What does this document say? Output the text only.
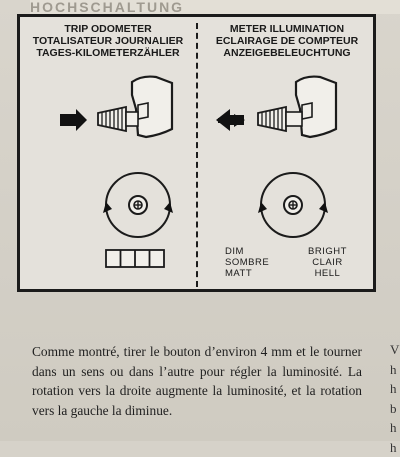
HOCHSCHALTUNG
TRIP ODOMETER
TOTALISATEUR JOURNALIER
TAGES-KILOMETERZÄHLER
METER ILLUMINATION
ECLAIRAGE DE COMPTEUR
ANZEIGEBELEUCHTUNG
DIM
SOMBRE
MATT
BRIGHT
CLAIR
HELL

Comme montré, tirer le bouton d’environ 4 mm et le tourner dans un sens ou dans l’autre pour régler la luminosité. La rotation vers la droite augmente la luminosité, et la rotation vers la gauche la diminue.

V
h
h
b
h
h
